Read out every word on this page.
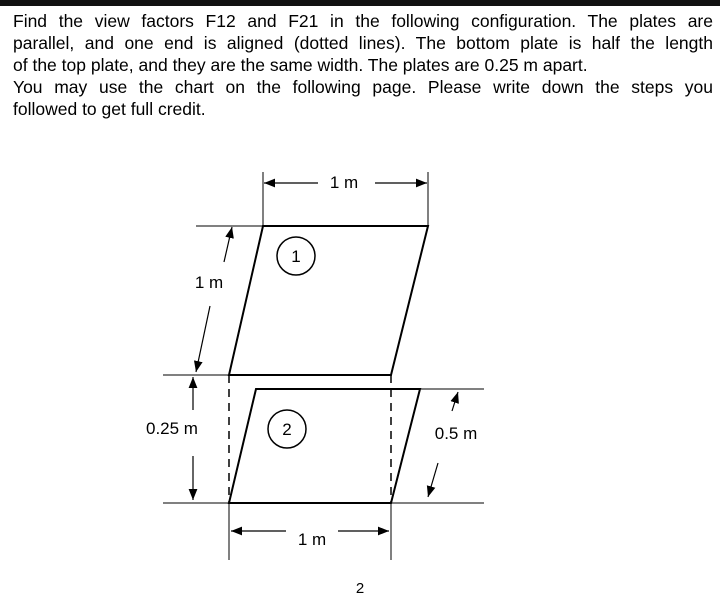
Find the view factors F12 and F21 in the following configuration. The plates are
parallel, and one end is aligned (dotted lines). The bottom plate is half the length
of the top plate, and they are the same width. The plates are 0.25 m apart.
You may use the chart on the following page. Please write down the steps you
followed to get full credit.
1 m
1 m
1
0.25 m	2	0.5 m
1 m
2
